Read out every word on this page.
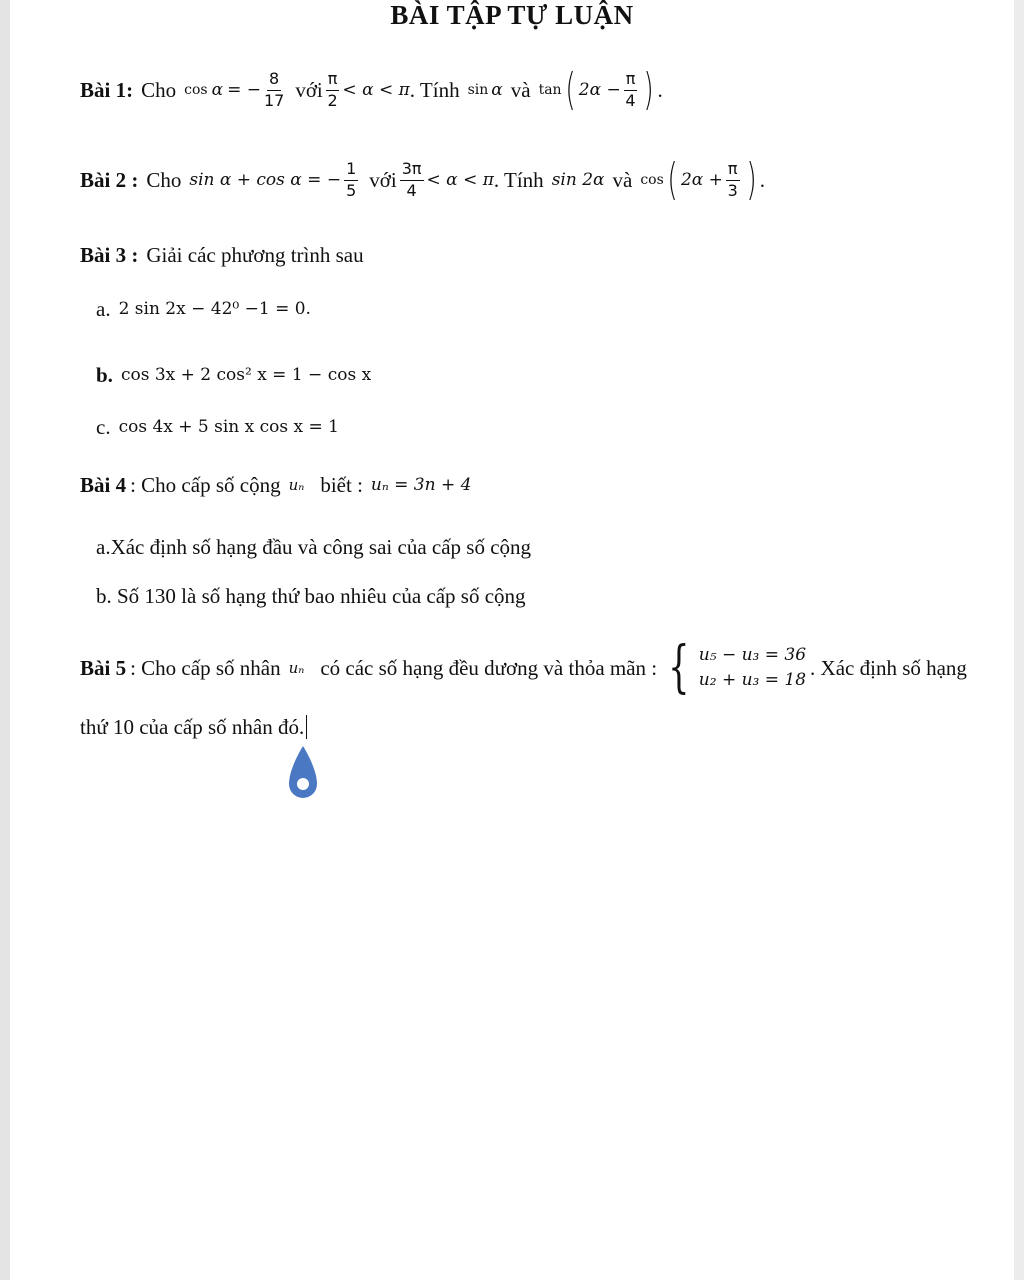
BÀI TẬP TỰ LUẬN
Bài 1: Cho cos α = − $\frac{8}{17}$ với $\frac{\pi}{2} < \alpha < \pi$ . Tính sin α và tan ( $2\alpha - \frac{\pi}{4}$ ) .
Bài 2 : Cho sin α + cos α = − $\frac{1}{5}$ với $\frac{3\pi}{4} < \alpha < \pi$ . Tính sin 2α và cos ( $2\alpha + \frac{\pi}{3}$ ) .
Bài 3 : Giải các phương trình sau
a. 2 sin 2x − 42⁰ −1 = 0.
b. cos 3x + 2 cos² x = 1 − cos x
c. cos 4x + 5 sin x cos x = 1
Bài 4 : Cho cấp số cộng uₙ biết : uₙ = 3n + 4
a.Xác định số hạng đầu và công sai của cấp số cộng
b. Số 130 là số hạng thứ bao nhiêu của cấp số cộng
Bài 5 : Cho cấp số nhân uₙ có các số hạng đều dương và thỏa mãn : { u₅ − u₃ = 36
u₂ + u₃ = 18
. Xác định số hạng
thứ 10 của cấp số nhân đó.
